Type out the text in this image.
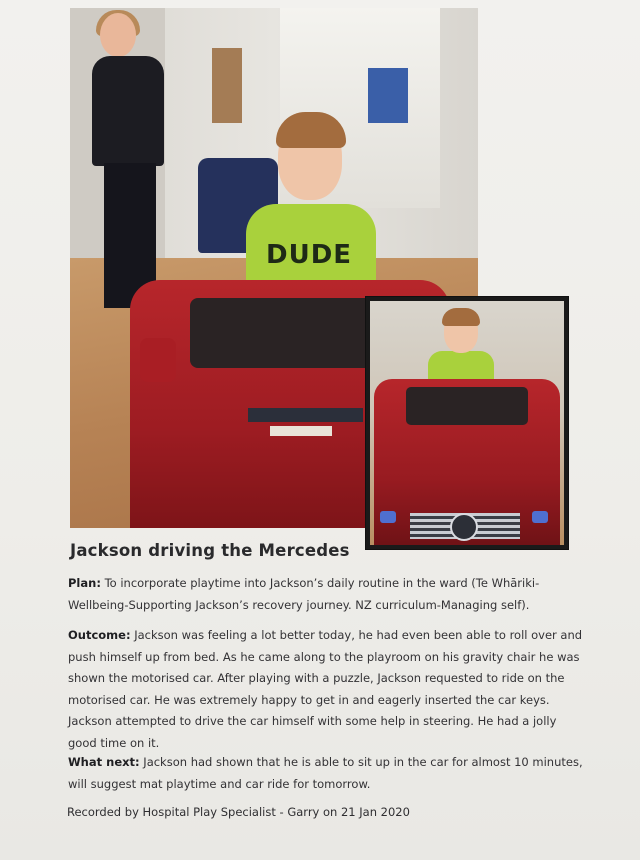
DUDE
Jackson driving the Mercedes

Plan: To incorporate playtime into Jackson’s daily routine in the ward (Te Whāriki- Wellbeing-Supporting Jackson’s recovery journey. NZ curriculum-Managing self).

Outcome: Jackson was feeling a lot better today, he had even been able to roll over and push himself up from bed. As he came along to the playroom on his gravity chair he was shown the motorised car. After playing with a puzzle, Jackson requested to ride on the motorised car. He was extremely happy to get in and eagerly inserted the car keys. Jackson attempted to drive the car himself with some help in steering. He had a jolly good time on it.

What next: Jackson had shown that he is able to sit up in the car for almost 10 minutes, will suggest mat playtime and car ride for tomorrow.

Recorded by Hospital Play Specialist - Garry on 21 Jan 2020
